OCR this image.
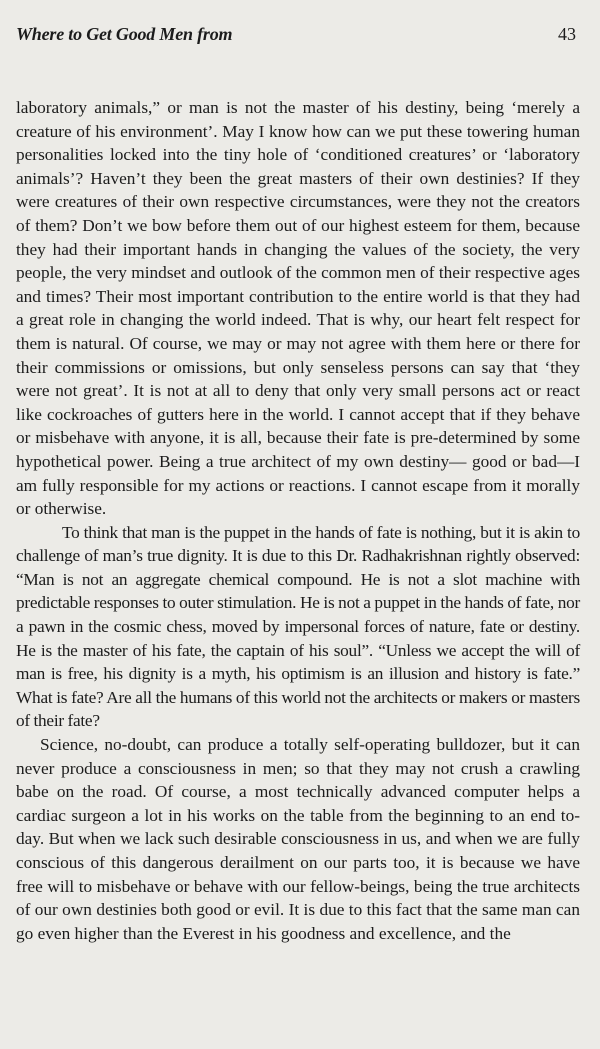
Where to Get Good Men from	43

laboratory animals,” or man is not the master of his destiny, being ‘merely a creature of his environment’. May I know how can we put these towering human personalities locked into the tiny hole of ‘conditioned creatures’ or ‘laboratory animals’? Haven’t they been the great masters of their own destinies? If they were creatures of their own respective circumstances, were they not the creators of them? Don’t we bow before them out of our highest esteem for them, because they had their important hands in changing the values of the society, the very people, the very mindset and outlook of the common men of their respective ages and times? Their most important contribution to the entire world is that they had a great role in changing the world indeed. That is why, our heart felt respect for them is natural. Of course, we may or may not agree with them here or there for their commissions or omissions, but only senseless persons can say that ‘they were not great’. It is not at all to deny that only very small persons act or react like cockroaches of gutters here in the world. I cannot accept that if they behave or misbehave with anyone, it is all, because their fate is pre-determined by some hypothetical power. Being a true architect of my own destiny— good or bad—I am fully responsible for my actions or reactions. I cannot escape from it morally or otherwise.

To think that man is the puppet in the hands of fate is nothing, but it is akin to challenge of man’s true dignity. It is due to this Dr. Radhakrishnan rightly observed: “Man is not an aggregate chemical compound. He is not a slot machine with predictable responses to outer stimulation. He is not a puppet in the hands of fate, nor a pawn in the cosmic chess, moved by impersonal forces of nature, fate or destiny. He is the master of his fate, the captain of his soul”. “Unless we accept the will of man is free, his dignity is a myth, his optimism is an illusion and history is fate.” What is fate? Are all the humans of this world not the architects or makers or masters of their fate?

Science, no-doubt, can produce a totally self-operating bulldozer, but it can never produce a consciousness in men; so that they may not crush a crawling babe on the road. Of course, a most technically advanced computer helps a cardiac surgeon a lot in his works on the table from the beginning to an end to-day. But when we lack such desirable consciousness in us, and when we are fully conscious of this dangerous derailment on our parts too, it is because we have free will to misbehave or behave with our fellow-beings, being the true architects of our own destinies both good or evil. It is due to this fact that the same man can go even higher than the Everest in his goodness and excellence, and the
